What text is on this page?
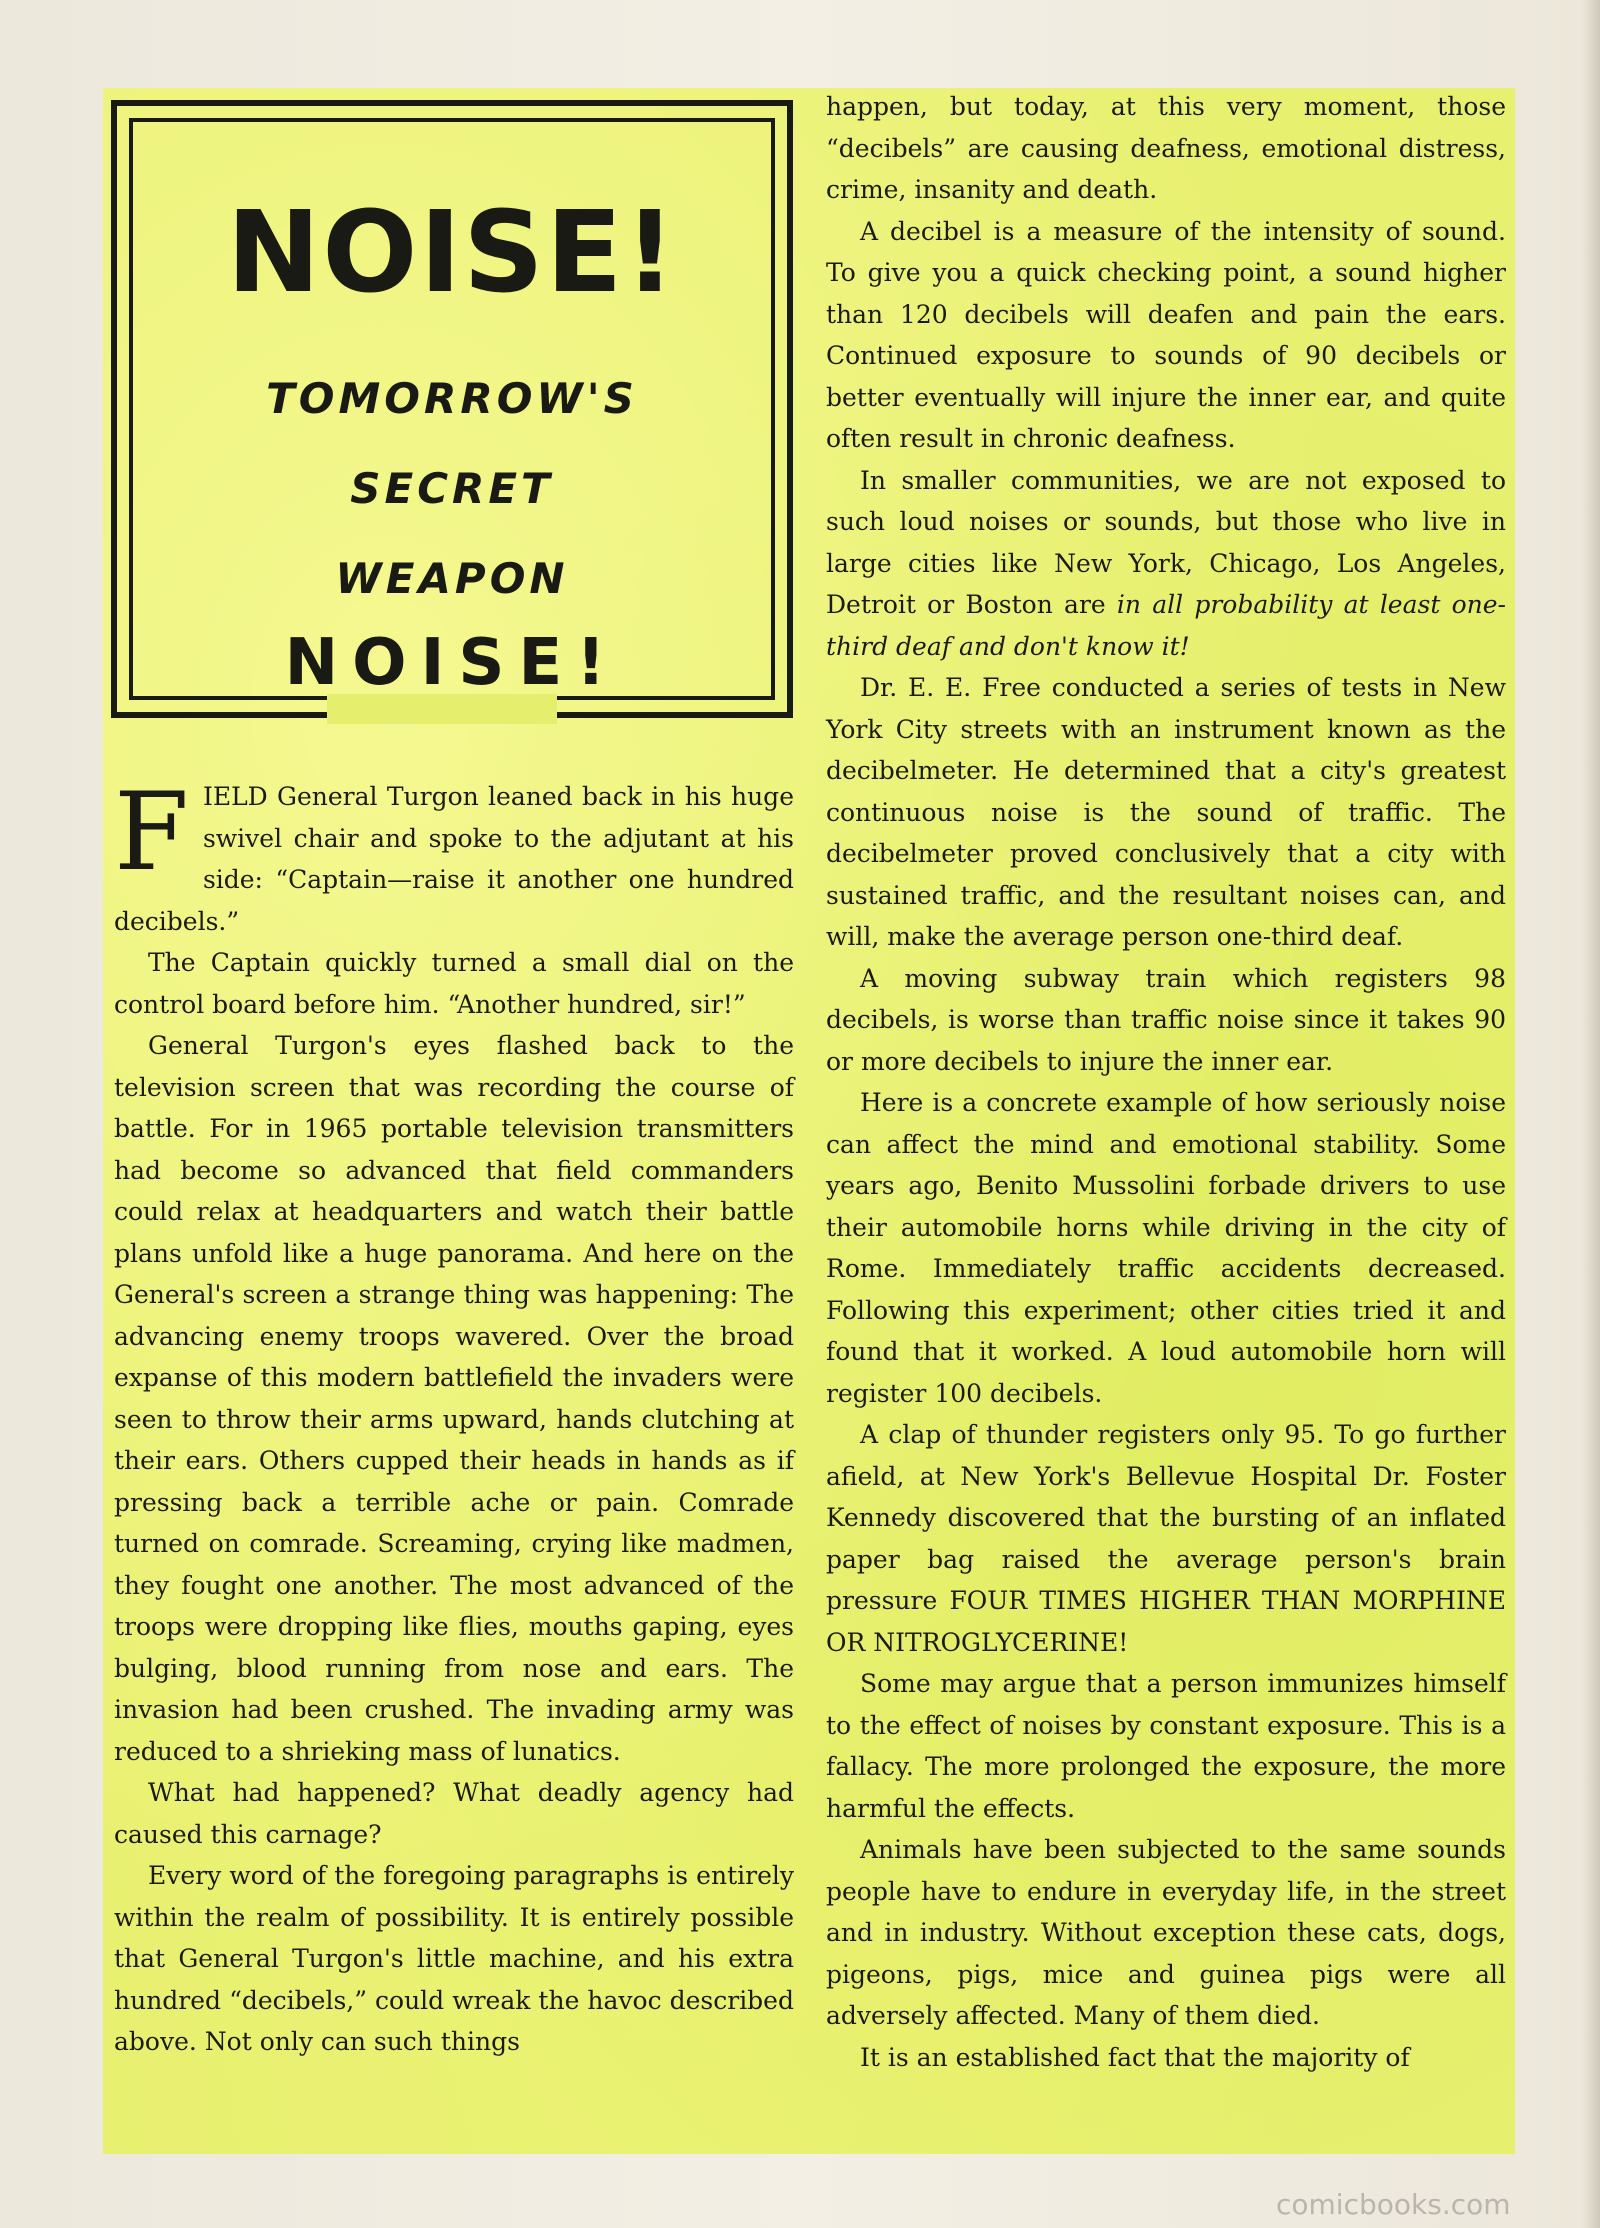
NOISE!
TOMORROW'S
SECRET
WEAPON
NOISE!

FIELD General Turgon leaned back in his huge swivel chair and spoke to the adjutant at his side: “Captain—raise it another one hundred decibels.”

The Captain quickly turned a small dial on the control board before him. “Another hundred, sir!”

General Turgon's eyes flashed back to the television screen that was recording the course of battle. For in 1965 portable television transmitters had become so advanced that field commanders could relax at headquarters and watch their battle plans unfold like a huge panorama. And here on the General's screen a strange thing was happening: The advancing enemy troops wavered. Over the broad expanse of this modern battlefield the invaders were seen to throw their arms upward, hands clutching at their ears. Others cupped their heads in hands as if pressing back a terrible ache or pain. Comrade turned on comrade. Screaming, crying like madmen, they fought one another. The most advanced of the troops were dropping like flies, mouths gaping, eyes bulging, blood running from nose and ears. The invasion had been crushed. The invading army was reduced to a shrieking mass of lunatics.

What had happened? What deadly agency had caused this carnage?

Every word of the foregoing paragraphs is entirely within the realm of possibility. It is entirely possible that General Turgon's little machine, and his extra hundred “decibels,” could wreak the havoc described above. Not only can such things

happen, but today, at this very moment, those “decibels” are causing deafness, emotional distress, crime, insanity and death.

A decibel is a measure of the intensity of sound. To give you a quick checking point, a sound higher than 120 decibels will deafen and pain the ears. Continued exposure to sounds of 90 decibels or better eventually will injure the inner ear, and quite often result in chronic deafness.

In smaller communities, we are not exposed to such loud noises or sounds, but those who live in large cities like New York, Chicago, Los Angeles, Detroit or Boston are in all probability at least one-third deaf and don't know it!

Dr. E. E. Free conducted a series of tests in New York City streets with an instrument known as the decibelmeter. He determined that a city's greatest continuous noise is the sound of traffic. The decibelmeter proved conclusively that a city with sustained traffic, and the resultant noises can, and will, make the average person one-third deaf.

A moving subway train which registers 98 decibels, is worse than traffic noise since it takes 90 or more decibels to injure the inner ear.

Here is a concrete example of how seriously noise can affect the mind and emotional stability. Some years ago, Benito Mussolini forbade drivers to use their automobile horns while driving in the city of Rome. Immediately traffic accidents decreased. Following this experiment; other cities tried it and found that it worked. A loud automobile horn will register 100 decibels.

A clap of thunder registers only 95. To go further afield, at New York's Bellevue Hospital Dr. Foster Kennedy discovered that the bursting of an inflated paper bag raised the average person's brain pressure FOUR TIMES HIGHER THAN MORPHINE OR NITROGLYCERINE!

Some may argue that a person immunizes himself to the effect of noises by constant exposure. This is a fallacy. The more prolonged the exposure, the more harmful the effects.

Animals have been subjected to the same sounds people have to endure in everyday life, in the street and in industry. Without exception these cats, dogs, pigeons, pigs, mice and guinea pigs were all adversely affected. Many of them died.

It is an established fact that the majority of

comicbooks.com
